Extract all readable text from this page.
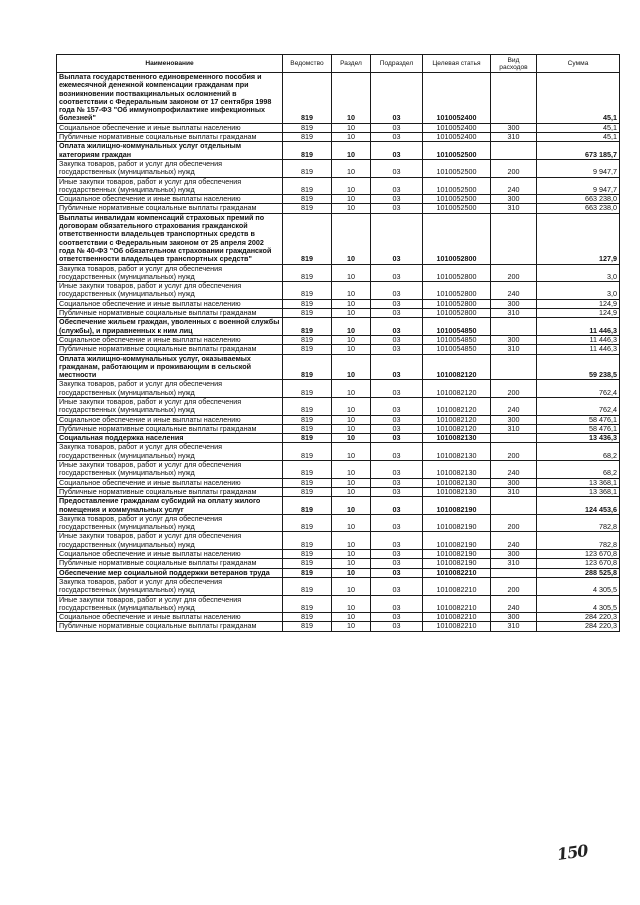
Наименование	Ведомство	Раздел	Подраздел	Целевая статья	Вид расходов	Сумма
Выплата государственного единовременного пособия и ежемесячной денежной компенсации гражданам при возникновении поствакцинальных осложнений в соответствии с Федеральным законом от 17 сентября 1998 года № 157-ФЗ "Об иммунопрофилактике инфекционных болезней"	819	10	03	1010052400		45,1
Социальное обеспечение и иные выплаты населению	819	10	03	1010052400	300	45,1
Публичные нормативные социальные выплаты гражданам	819	10	03	1010052400	310	45,1
Оплата жилищно-коммунальных услуг отдельным категориям граждан	819	10	03	1010052500		673 185,7
Закупка товаров, работ и услуг для обеспечения государственных (муниципальных) нужд	819	10	03	1010052500	200	9 947,7
Иные закупки товаров, работ и услуг для обеспечения государственных (муниципальных) нужд	819	10	03	1010052500	240	9 947,7
Социальное обеспечение и иные выплаты населению	819	10	03	1010052500	300	663 238,0
Публичные нормативные социальные выплаты гражданам	819	10	03	1010052500	310	663 238,0
Выплаты инвалидам компенсаций страховых премий по договорам обязательного страхования гражданской ответственности владельцев транспортных средств в соответствии с Федеральным законом от 25 апреля 2002 года № 40-ФЗ "Об обязательном страховании гражданской ответственности владельцев транспортных средств"	819	10	03	1010052800		127,9
Закупка товаров, работ и услуг для обеспечения государственных (муниципальных) нужд	819	10	03	1010052800	200	3,0
Иные закупки товаров, работ и услуг для обеспечения государственных (муниципальных) нужд	819	10	03	1010052800	240	3,0
Социальное обеспечение и иные выплаты населению	819	10	03	1010052800	300	124,9
Публичные нормативные социальные выплаты гражданам	819	10	03	1010052800	310	124,9
Обеспечение жильем граждан, уволенных с военной службы (службы), и приравненных к ним лиц	819	10	03	1010054850		11 446,3
Социальное обеспечение и иные выплаты населению	819	10	03	1010054850	300	11 446,3
Публичные нормативные социальные выплаты гражданам	819	10	03	1010054850	310	11 446,3
Оплата жилищно-коммунальных услуг, оказываемых гражданам, работающим и проживающим в сельской местности	819	10	03	1010082120		59 238,5
Закупка товаров, работ и услуг для обеспечения государственных (муниципальных) нужд	819	10	03	1010082120	200	762,4
Иные закупки товаров, работ и услуг для обеспечения государственных (муниципальных) нужд	819	10	03	1010082120	240	762,4
Социальное обеспечение и иные выплаты населению	819	10	03	1010082120	300	58 476,1
Публичные нормативные социальные выплаты гражданам	819	10	03	1010082120	310	58 476,1
Социальная поддержка населения	819	10	03	1010082130		13 436,3
Закупка товаров, работ и услуг для обеспечения государственных (муниципальных) нужд	819	10	03	1010082130	200	68,2
Иные закупки товаров, работ и услуг для обеспечения государственных (муниципальных) нужд	819	10	03	1010082130	240	68,2
Социальное обеспечение и иные выплаты населению	819	10	03	1010082130	300	13 368,1
Публичные нормативные социальные выплаты гражданам	819	10	03	1010082130	310	13 368,1
Предоставление гражданам субсидий на оплату жилого помещения и коммунальных услуг	819	10	03	1010082190		124 453,6
Закупка товаров, работ и услуг для обеспечения государственных (муниципальных) нужд	819	10	03	1010082190	200	782,8
Иные закупки товаров, работ и услуг для обеспечения государственных (муниципальных) нужд	819	10	03	1010082190	240	782,8
Социальное обеспечение и иные выплаты населению	819	10	03	1010082190	300	123 670,8
Публичные нормативные социальные выплаты гражданам	819	10	03	1010082190	310	123 670,8
Обеспечение мер социальной поддержки ветеранов труда	819	10	03	1010082210		288 525,8
Закупка товаров, работ и услуг для обеспечения государственных (муниципальных) нужд	819	10	03	1010082210	200	4 305,5
Иные закупки товаров, работ и услуг для обеспечения государственных (муниципальных) нужд	819	10	03	1010082210	240	4 305,5
Социальное обеспечение и иные выплаты населению	819	10	03	1010082210	300	284 220,3
Публичные нормативные социальные выплаты гражданам	819	10	03	1010082210	310	284 220,3
150
